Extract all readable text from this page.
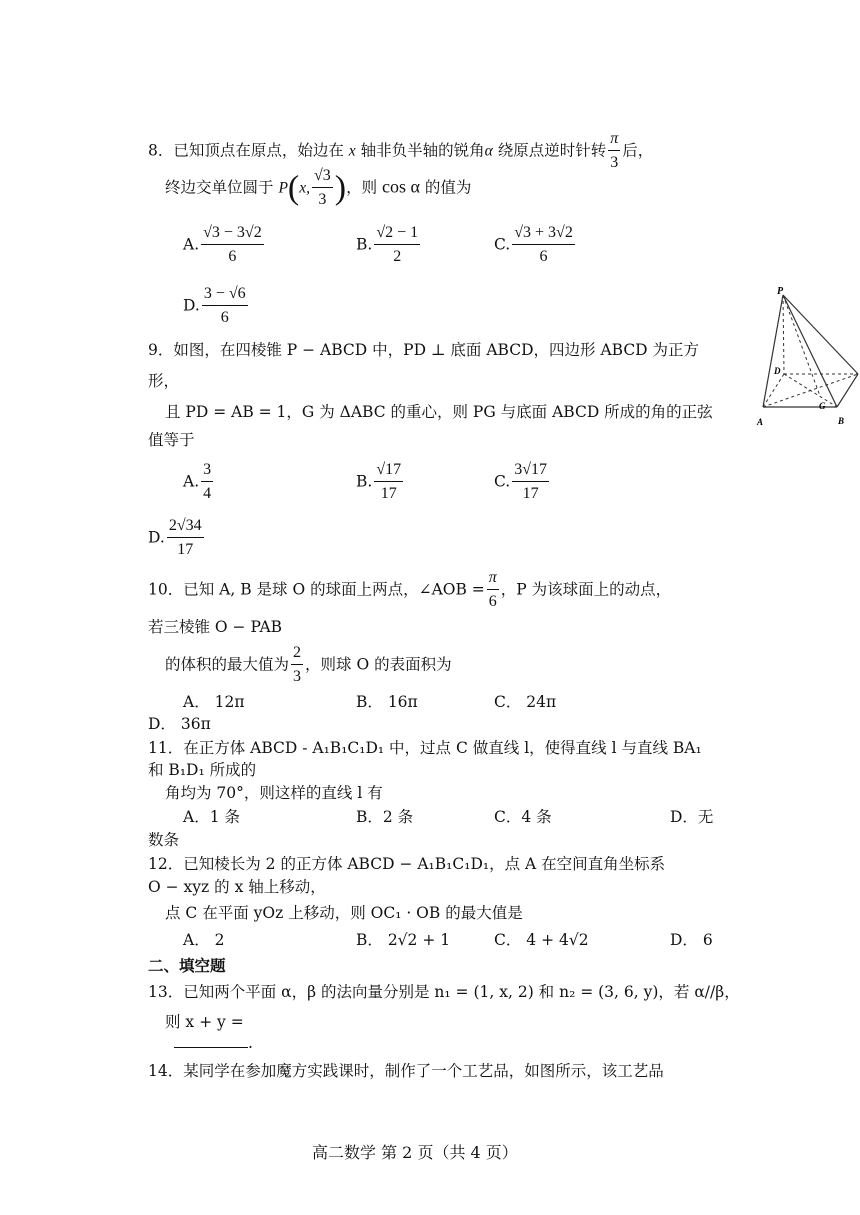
8．已知顶点在原点，始边在 x 轴非负半轴的锐角α 绕原点逆时针转 $\frac{\pi}{3}$ 后，
终边交单位圆于 P(x, $\frac{√3}{3}$ )，则 cos α 的值为
A. $\frac{√3 - 3√2}{6}$	B. $\frac{√2 - 1}{2}$	C. $\frac{√3 + 3√2}{6}$
D. $\frac{3 - √6}{6}$
9．如图，在四棱锥 P − ABCD 中，PD ⊥ 底面 ABCD，四边形 ABCD 为正方
形，
且 PD = AB = 1，G 为 ΔABC 的重心，则 PG 与底面 ABCD 所成的角的正弦
值等于
A. $\frac{3}{4}$	B. $\frac{√17}{17}$	C. $\frac{3√17}{17}$
D. $\frac{2√34}{17}$
P
D
A	B
G
10．已知 A, B 是球 O 的球面上两点，∠AOB = $\frac{\pi}{6}$ ，P 为该球面上的动点，
若三棱锥 O − PAB
的体积的最大值为 $\frac{2}{3}$ ，则球 O 的表面积为
A． 12π	B． 16π	C． 24π
D． 36π
11．在正方体 ABCD - A₁B₁C₁D₁ 中，过点 C 做直线 l，使得直线 l 与直线 BA₁
和 B₁D₁ 所成的
角均为 70°，则这样的直线 l 有
A．1 条	B．2 条	C．4 条	D．无
数条
12．已知棱长为 2 的正方体 ABCD − A₁B₁C₁D₁，点 A 在空间直角坐标系
O − xyz 的 x 轴上移动，
点 C 在平面 yOz 上移动，则 OC₁ · OB 的最大值是
A． 2	B． 2√2 + 1	C． 4 + 4√2	D． 6
二、填空题
13．已知两个平面 α，β 的法向量分别是 n₁ = (1, x, 2) 和 n₂ = (3, 6, y)，若 α//β，
则 x + y =
.
14．某同学在参加魔方实践课时，制作了一个工艺品，如图所示，该工艺品
高二数学 第 2 页（共 4 页）
